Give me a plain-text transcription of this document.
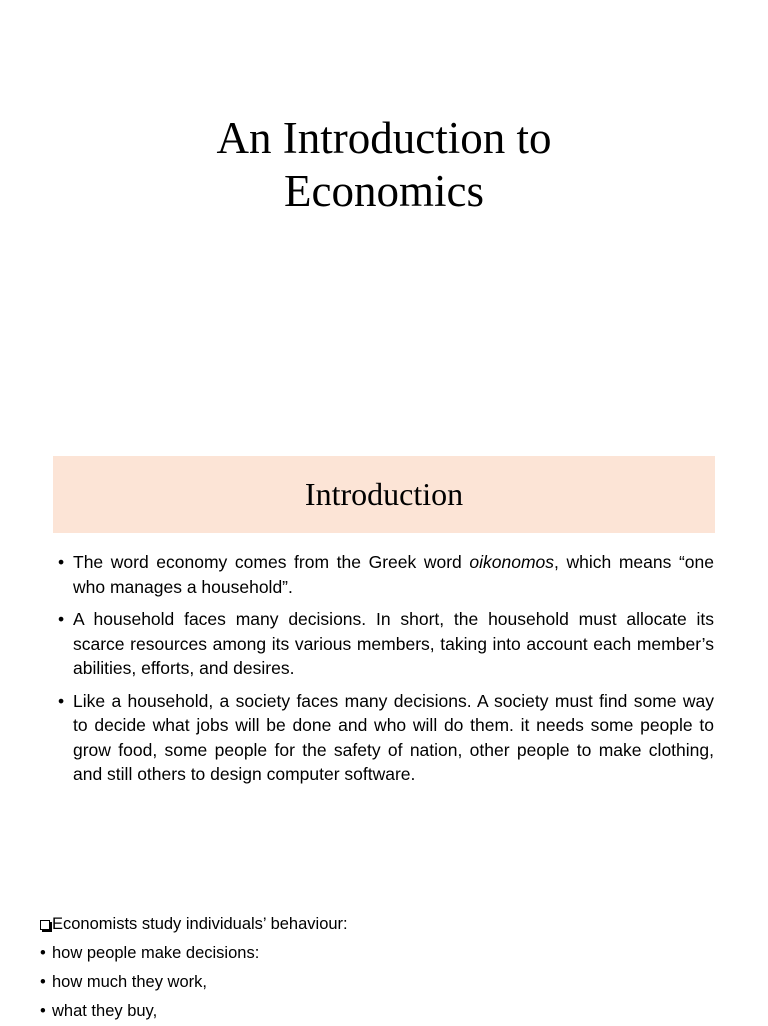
An Introduction to
Economics
Introduction
• The word economy comes from the Greek word oikonomos, which means “one who manages a household”.
• A household faces many decisions. In short, the household must allocate its scarce resources among its various members, taking into account each member’s abilities, efforts, and desires.
• Like a household, a society faces many decisions. A society must find some way to decide what jobs will be done and who will do them. it needs some people to grow food, some people for the safety of nation, other people to make clothing, and still others to design computer software.
Economists study individuals’ behaviour:
• how people make decisions:
• how much they work,
• what they buy,
